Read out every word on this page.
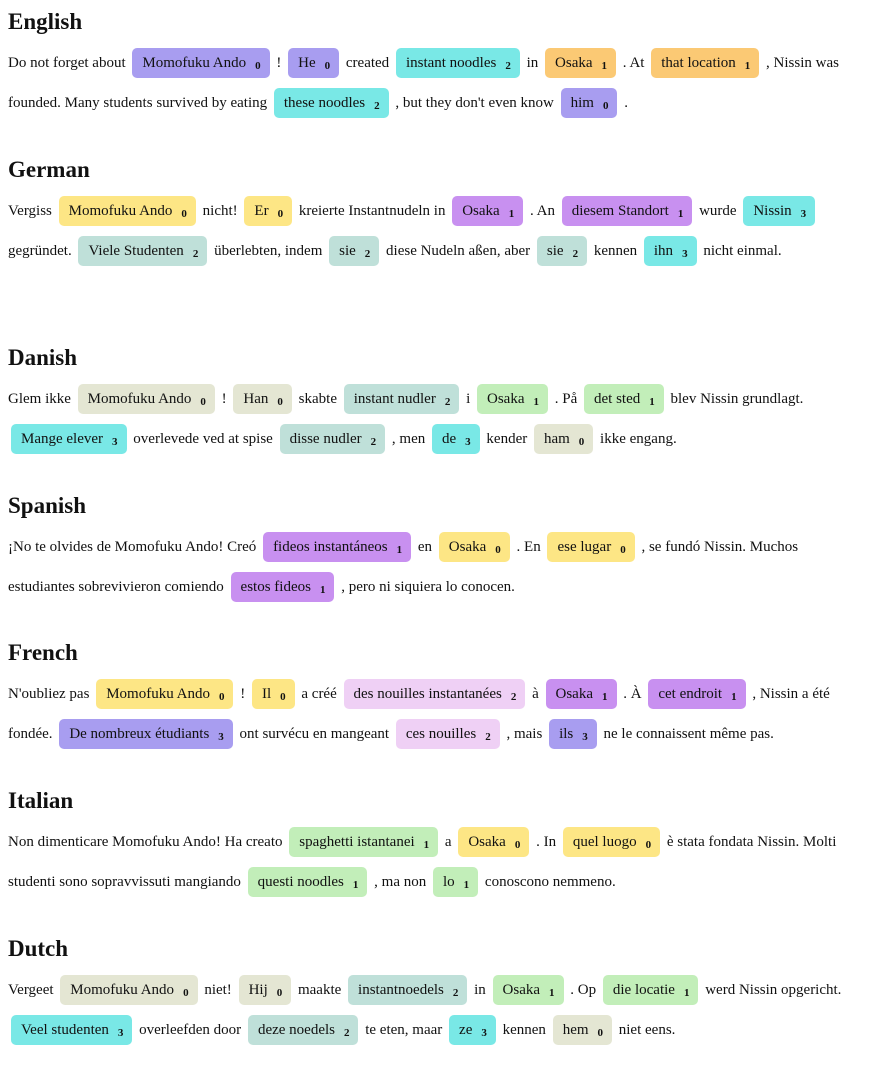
English
Do not forget about Momofuku Ando 0 ! He 0 created instant noodles 2 in Osaka 1 . At that location 1 , Nissin was founded. Many students survived by eating these noodles 2 , but they don't even know him 0 .
German
Vergiss Momofuku Ando 0 nicht! Er 0 kreierte Instantnudeln in Osaka 1 . An diesem Standort 1 wurde Nissin 3 gegründet. Viele Studenten 2 überlebten, indem sie 2 diese Nudeln aßen, aber sie 2 kennen ihn 3 nicht einmal.
Danish
Glem ikke Momofuku Ando 0 ! Han 0 skabte instant nudler 2 i Osaka 1 . På det sted 1 blev Nissin grundlagt. Mange elever 3 overlevede ved at spise disse nudler 2 , men de 3 kender ham 0 ikke engang.
Spanish
¡No te olvides de Momofuku Ando! Creó fideos instantáneos 1 en Osaka 0 . En ese lugar 0 , se fundó Nissin. Muchos estudiantes sobrevivieron comiendo estos fideos 1 , pero ni siquiera lo conocen.
French
N'oubliez pas Momofuku Ando 0 ! Il 0 a créé des nouilles instantanées 2 à Osaka 1 . À cet endroit 1 , Nissin a été fondée. De nombreux étudiants 3 ont survécu en mangeant ces nouilles 2 , mais ils 3 ne le connaissent même pas.
Italian
Non dimenticare Momofuku Ando! Ha creato spaghetti istantanei 1 a Osaka 0 . In quel luogo 0 è stata fondata Nissin. Molti studenti sono sopravvissuti mangiando questi noodles 1 , ma non lo 1 conoscono nemmeno.
Dutch
Vergeet Momofuku Ando 0 niet! Hij 0 maakte instantnoedels 2 in Osaka 1 . Op die locatie 1 werd Nissin opgericht. Veel studenten 3 overleefden door deze noedels 2 te eten, maar ze 3 kennen hem 0 niet eens.
